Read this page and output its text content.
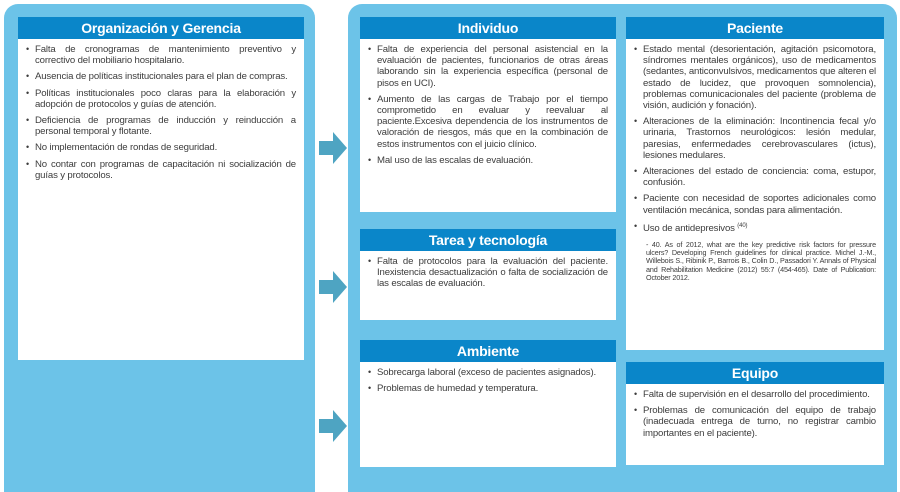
Organización y Gerencia
• Falta de cronogramas de mantenimiento preventivo y correctivo del mobiliario hospitalario.
• Ausencia de políticas institucionales para el plan de compras.
• Políticas institucionales poco claras para la elaboración y adopción de protocolos y guías de atención.
• Deficiencia de programas de inducción y reinducción a personal temporal y flotante.
• No implementación de rondas de seguridad.
• No contar con programas de capacitación ni socialización de guías y protocolos.
Individuo
• Falta de experiencia del personal asistencial en la evaluación de pacientes, funcionarios de otras áreas laborando sin la experiencia específica (personal de pisos en UCI).
• Aumento de las cargas de Trabajo por el tiempo comprometido en evaluar y reevaluar al paciente.Excesiva dependencia de los instrumentos de valoración de riesgos, más que en la combinación de estos instrumentos con el juicio clínico.
• Mal uso de las escalas de evaluación.
Tarea y tecnología
• Falta de protocolos para la evaluación del paciente. Inexistencia desactualización o falta de socialización de las escalas de evaluación.
Ambiente
• Sobrecarga laboral (exceso de pacientes asignados).
• Problemas de humedad y temperatura.
Paciente
• Estado mental (desorientación, agitación psicomotora, síndromes mentales orgánicos), uso de medicamentos (sedantes, anticonvulsivos, medicamentos que alteren el estado de lucidez, que provoquen somnolencia), problemas comunicacionales del paciente (problema de visión, audición y fonación).
• Alteraciones de la eliminación: Incontinencia fecal y/o urinaria, Trastornos neurológicos: lesión medular, paresias, enfermedades cerebrovasculares (ictus), lesiones medulares.
• Alteraciones del estado de conciencia: coma, estupor, confusión.
• Paciente con necesidad de soportes adicionales como ventilación mecánica, sondas para alimentación.
• Uso de antidepresivos $^{(40)}$
- 40. As of 2012, what are the key predictive risk factors for pressure ulcers? Developing French guidelines for clinical practice. Michel J.-M., Willebois S., Ribinik P., Barrois B., Colin D., Passadori Y. Annals of Physical and Rehabilitation Medicine (2012) 55:7 (454-465). Date of Publication: October 2012.
Equipo
• Falta de supervisión en el desarrollo del procedimiento.
• Problemas de comunicación del equipo de trabajo (inadecuada entrega de turno, no registrar cambio importantes en el paciente).
